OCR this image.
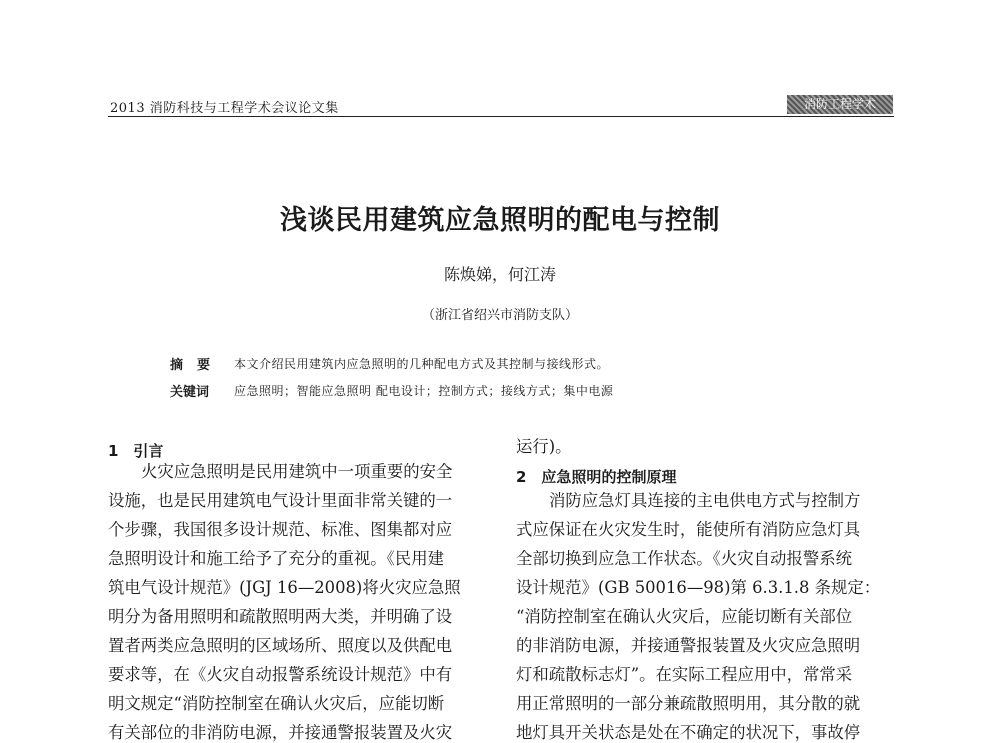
2013 消防科技与工程学术会议论文集	消防工程学术
浅谈民用建筑应急照明的配电与控制
陈焕娣，何江涛
（浙江省绍兴市消防支队）
摘要 本文介绍民用建筑内应急照明的几种配电方式及其控制与接线形式。
关键词 应急照明；智能应急照明 配电设计；控制方式；接线方式；集中电源
1　引言
火灾应急照明是民用建筑中一项重要的安全
设施，也是民用建筑电气设计里面非常关键的一
个步骤，我国很多设计规范、标准、图集都对应
急照明设计和施工给予了充分的重视。《民用建
筑电气设计规范》(JGJ 16—2008)将火灾应急照
明分为备用照明和疏散照明两大类，并明确了设
置者两类应急照明的区域场所、照度以及供配电
要求等，在《火灾自动报警系统设计规范》中有
明文规定“消防控制室在确认火灾后，应能切断
有关部位的非消防电源，并接通警报装置及火灾
运行)。
2　应急照明的控制原理
消防应急灯具连接的主电供电方式与控制方
式应保证在火灾发生时，能使所有消防应急灯具
全部切换到应急工作状态。《火灾自动报警系统
设计规范》(GB 50016—98)第 6.3.1.8 条规定：
“消防控制室在确认火灾后，应能切断有关部位
的非消防电源，并接通警报装置及火灾应急照明
灯和疏散标志灯”。在实际工程应用中，常常采
用正常照明的一部分兼疏散照明用，其分散的就
地灯具开关状态是处在不确定的状况下，事故停
